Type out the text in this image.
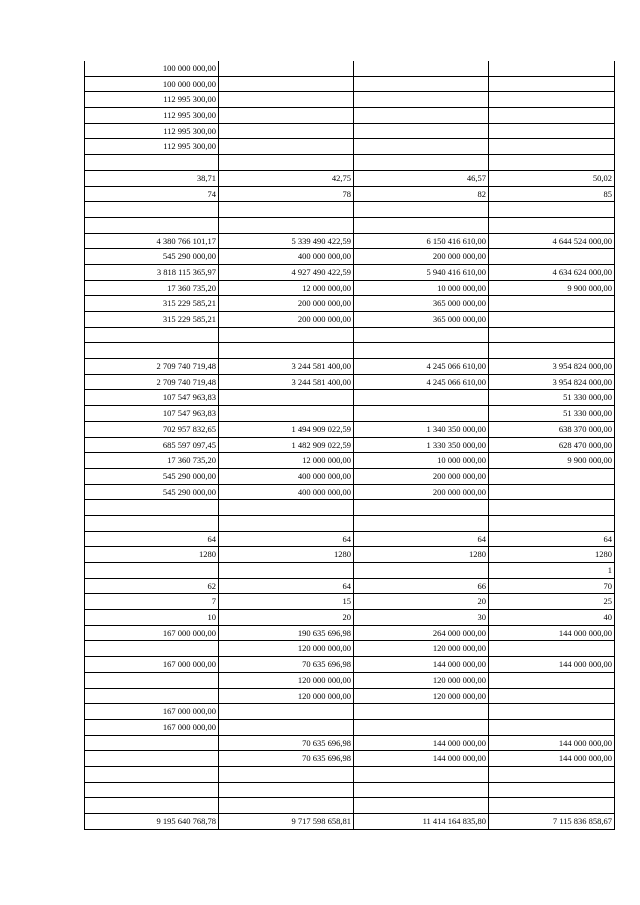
100 000 000,00			
100 000 000,00			
112 995 300,00			
112 995 300,00			
112 995 300,00			
112 995 300,00			

38,71	42,75	46,57	50,02
74	78	82	85

4 380 766 101,17	5 339 490 422,59	6 150 416 610,00	4 644 524 000,00
545 290 000,00	400 000 000,00	200 000 000,00	
3 818 115 365,97	4 927 490 422,59	5 940 416 610,00	4 634 624 000,00
17 360 735,20	12 000 000,00	10 000 000,00	9 900 000,00
315 229 585,21	200 000 000,00	365 000 000,00	
315 229 585,21	200 000 000,00	365 000 000,00	

2 709 740 719,48	3 244 581 400,00	4 245 066 610,00	3 954 824 000,00
2 709 740 719,48	3 244 581 400,00	4 245 066 610,00	3 954 824 000,00
107 547 963,83			51 330 000,00
107 547 963,83			51 330 000,00
702 957 832,65	1 494 909 022,59	1 340 350 000,00	638 370 000,00
685 597 097,45	1 482 909 022,59	1 330 350 000,00	628 470 000,00
17 360 735,20	12 000 000,00	10 000 000,00	9 900 000,00
545 290 000,00	400 000 000,00	200 000 000,00	
545 290 000,00	400 000 000,00	200 000 000,00	

64	64	64	64
1280	1280	1280	1280
			1
62	64	66	70
7	15	20	25
10	20	30	40
167 000 000,00	190 635 696,98	264 000 000,00	144 000 000,00
	120 000 000,00	120 000 000,00	
167 000 000,00	70 635 696,98	144 000 000,00	144 000 000,00
	120 000 000,00	120 000 000,00	
	120 000 000,00	120 000 000,00	
167 000 000,00			
167 000 000,00			
	70 635 696,98	144 000 000,00	144 000 000,00
	70 635 696,98	144 000 000,00	144 000 000,00

9 195 640 768,78	9 717 598 658,81	11 414 164 835,80	7 115 836 858,67
